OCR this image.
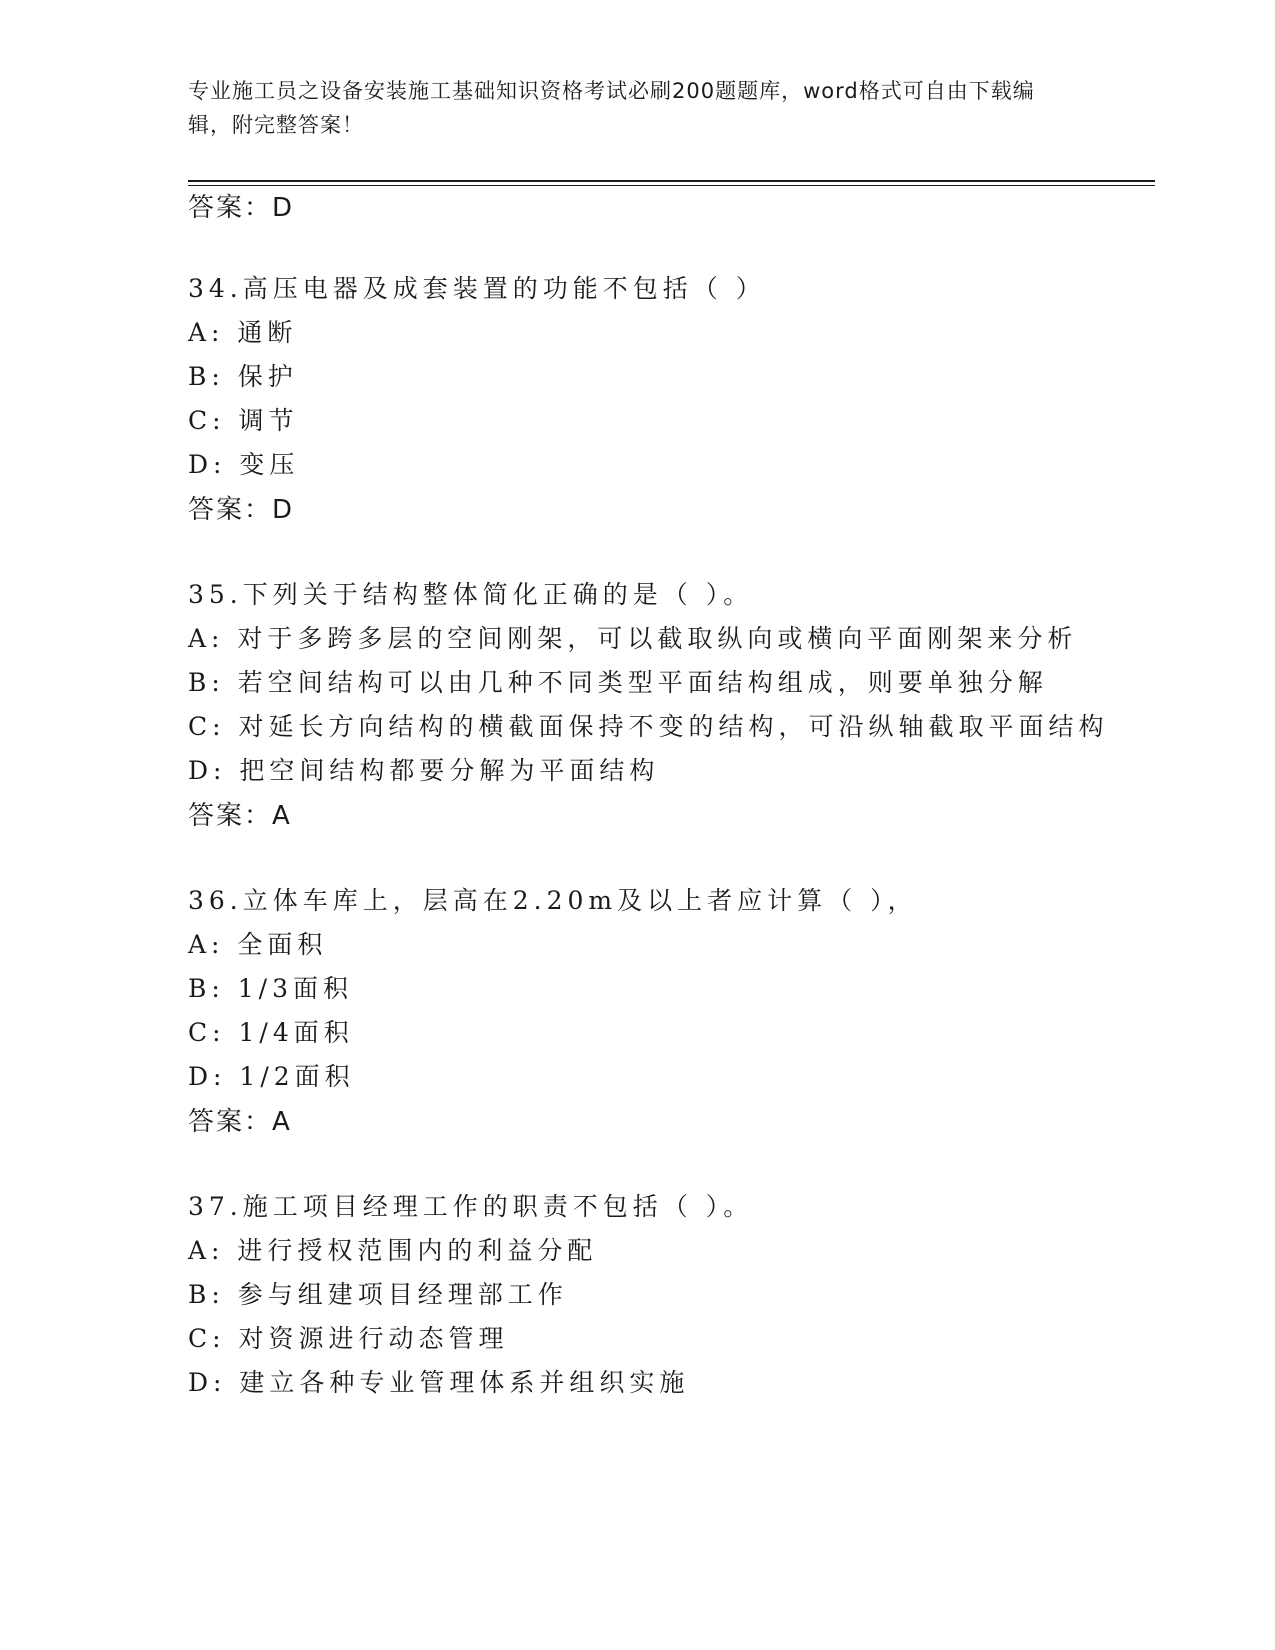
专业施工员之设备安装施工基础知识资格考试必刷200题题库，word格式可自由下载编辑，附完整答案！
答案：D
34.高压电器及成套装置的功能不包括（ ）
A: 通断
B: 保护
C: 调节
D: 变压
答案：D
35.下列关于结构整体简化正确的是（ ）。
A: 对于多跨多层的空间刚架，可以截取纵向或横向平面刚架来分析
B: 若空间结构可以由几种不同类型平面结构组成，则要单独分解
C: 对延长方向结构的横截面保持不变的结构，可沿纵轴截取平面结构
D: 把空间结构都要分解为平面结构
答案：A
36.立体车库上，层高在2.20m及以上者应计算（ ），
A: 全面积
B: 1/3面积
C: 1/4面积
D: 1/2面积
答案：A
37.施工项目经理工作的职责不包括（ ）。
A: 进行授权范围内的利益分配
B: 参与组建项目经理部工作
C: 对资源进行动态管理
D: 建立各种专业管理体系并组织实施
